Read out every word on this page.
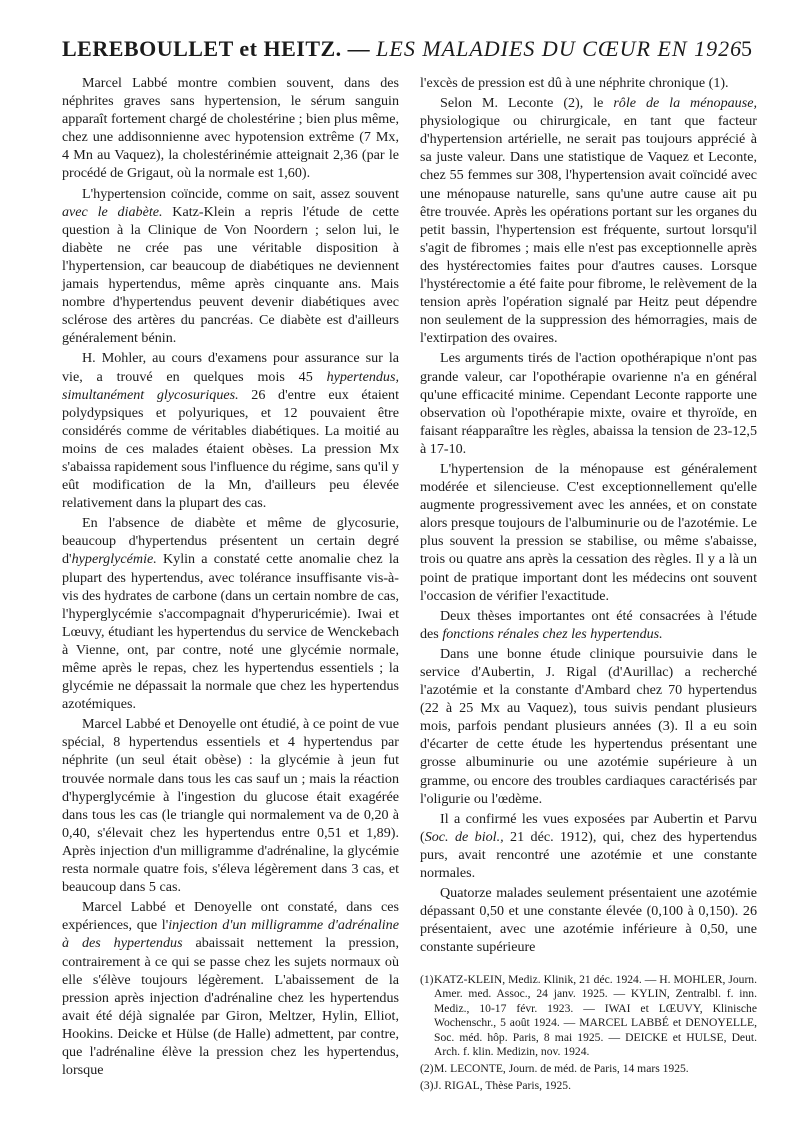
LEREBOULLET et HEITZ. — LES MALADIES DU CŒUR EN 1926
5

Marcel Labbé montre combien souvent, dans des néphrites graves sans hypertension, le sérum sanguin apparaît fortement chargé de cholestérine ; bien plus même, chez une addisonnienne avec hypotension extrême (7 Mx, 4 Mn au Vaquez), la cholestérinémie atteignait 2,36 (par le procédé de Grigaut, où la normale est 1,60).

L'hypertension coïncide, comme on sait, assez souvent avec le diabète. Katz-Klein a repris l'étude de cette question à la Clinique de Von Noordern ; selon lui, le diabète ne crée pas une véritable disposition à l'hypertension, car beaucoup de diabétiques ne deviennent jamais hypertendus, même après cinquante ans. Mais nombre d'hypertendus peuvent devenir diabétiques avec sclérose des artères du pancréas. Ce diabète est d'ailleurs généralement bénin.

H. Mohler, au cours d'examens pour assurance sur la vie, a trouvé en quelques mois 45 hypertendus, simultanément glycosuriques. 26 d'entre eux étaient polydypsiques et polyuriques, et 12 pouvaient être considérés comme de véritables diabétiques. La moitié au moins de ces malades étaient obèses. La pression Mx s'abaissa rapidement sous l'influence du régime, sans qu'il y eût modification de la Mn, d'ailleurs peu élevée relativement dans la plupart des cas.

En l'absence de diabète et même de glycosurie, beaucoup d'hypertendus présentent un certain degré d'hyperglycémie. Kylin a constaté cette anomalie chez la plupart des hypertendus, avec tolérance insuffisante vis-à-vis des hydrates de carbone (dans un certain nombre de cas, l'hyperglycémie s'accompagnait d'hyperuricémie). Iwai et Lœuvy, étudiant les hypertendus du service de Wenckebach à Vienne, ont, par contre, noté une glycémie normale, même après le repas, chez les hypertendus essentiels ; la glycémie ne dépassait la normale que chez les hypertendus azotémiques.

Marcel Labbé et Denoyelle ont étudié, à ce point de vue spécial, 8 hypertendus essentiels et 4 hypertendus par néphrite (un seul était obèse) : la glycémie à jeun fut trouvée normale dans tous les cas sauf un ; mais la réaction d'hyperglycémie à l'ingestion du glucose était exagérée dans tous les cas (le triangle qui normalement va de 0,20 à 0,40, s'élevait chez les hypertendus entre 0,51 et 1,89). Après injection d'un milligramme d'adrénaline, la glycémie resta normale quatre fois, s'éleva légèrement dans 3 cas, et beaucoup dans 5 cas.

Marcel Labbé et Denoyelle ont constaté, dans ces expériences, que l'injection d'un milligramme d'adrénaline à des hypertendus abaissait nettement la pression, contrairement à ce qui se passe chez les sujets normaux où elle s'élève toujours légèrement. L'abaissement de la pression après injection d'adrénaline chez les hypertendus avait été déjà signalée par Giron, Meltzer, Hylin, Elliot, Hookins. Deicke et Hülse (de Halle) admettent, par contre, que l'adrénaline élève la pression chez les hypertendus, lorsque

l'excès de pression est dû à une néphrite chronique (1).

Selon M. Leconte (2), le rôle de la ménopause, physiologique ou chirurgicale, en tant que facteur d'hypertension artérielle, ne serait pas toujours apprécié à sa juste valeur. Dans une statistique de Vaquez et Leconte, chez 55 femmes sur 308, l'hypertension avait coïncidé avec une ménopause naturelle, sans qu'une autre cause ait pu être trouvée. Après les opérations portant sur les organes du petit bassin, l'hypertension est fréquente, surtout lorsqu'il s'agit de fibromes ; mais elle n'est pas exceptionnelle après des hystérectomies faites pour d'autres causes. Lorsque l'hystérectomie a été faite pour fibrome, le relèvement de la tension après l'opération signalé par Heitz peut dépendre non seulement de la suppression des hémorragies, mais de l'extirpation des ovaires.

Les arguments tirés de l'action opothérapique n'ont pas grande valeur, car l'opothérapie ovarienne n'a en général qu'une efficacité minime. Cependant Leconte rapporte une observation où l'opothérapie mixte, ovaire et thyroïde, en faisant réapparaître les règles, abaissa la tension de 23-12,5 à 17-10.

L'hypertension de la ménopause est généralement modérée et silencieuse. C'est exceptionnellement qu'elle augmente progressivement avec les années, et on constate alors presque toujours de l'albuminurie ou de l'azotémie. Le plus souvent la pression se stabilise, ou même s'abaisse, trois ou quatre ans après la cessation des règles. Il y a là un point de pratique important dont les médecins ont souvent l'occasion de vérifier l'exactitude.

Deux thèses importantes ont été consacrées à l'étude des fonctions rénales chez les hypertendus.

Dans une bonne étude clinique poursuivie dans le service d'Aubertin, J. Rigal (d'Aurillac) a recherché l'azotémie et la constante d'Ambard chez 70 hypertendus (22 à 25 Mx au Vaquez), tous suivis pendant plusieurs mois, parfois pendant plusieurs années (3). Il a eu soin d'écarter de cette étude les hypertendus présentant une grosse albuminurie ou une azotémie supérieure à un gramme, ou encore des troubles cardiaques caractérisés par l'oligurie ou l'œdème.

Il a confirmé les vues exposées par Aubertin et Parvu (Soc. de biol., 21 déc. 1912), qui, chez des hypertendus purs, avait rencontré une azotémie et une constante normales.

Quatorze malades seulement présentaient une azotémie dépassant 0,50 et une constante élevée (0,100 à 0,150). 26 présentaient, avec une azotémie inférieure à 0,50, une constante supérieure

(1) KATZ-KLEIN, Mediz. Klinik, 21 déc. 1924. — H. MOHLER, Journ. Amer. med. Assoc., 24 janv. 1925. — KYLIN, Zentralbl. f. inn. Mediz., 10-17 févr. 1923. — IWAI et LŒUVY, Klinische Wochenschr., 5 août 1924. — MARCEL LABBÉ et DENOYELLE, Soc. méd. hôp. Paris, 8 mai 1925. — DEICKE et HULSE, Deut. Arch. f. klin. Medizin, nov. 1924.

(2) M. LECONTE, Journ. de méd. de Paris, 14 mars 1925.

(3) J. RIGAL, Thèse Paris, 1925.
